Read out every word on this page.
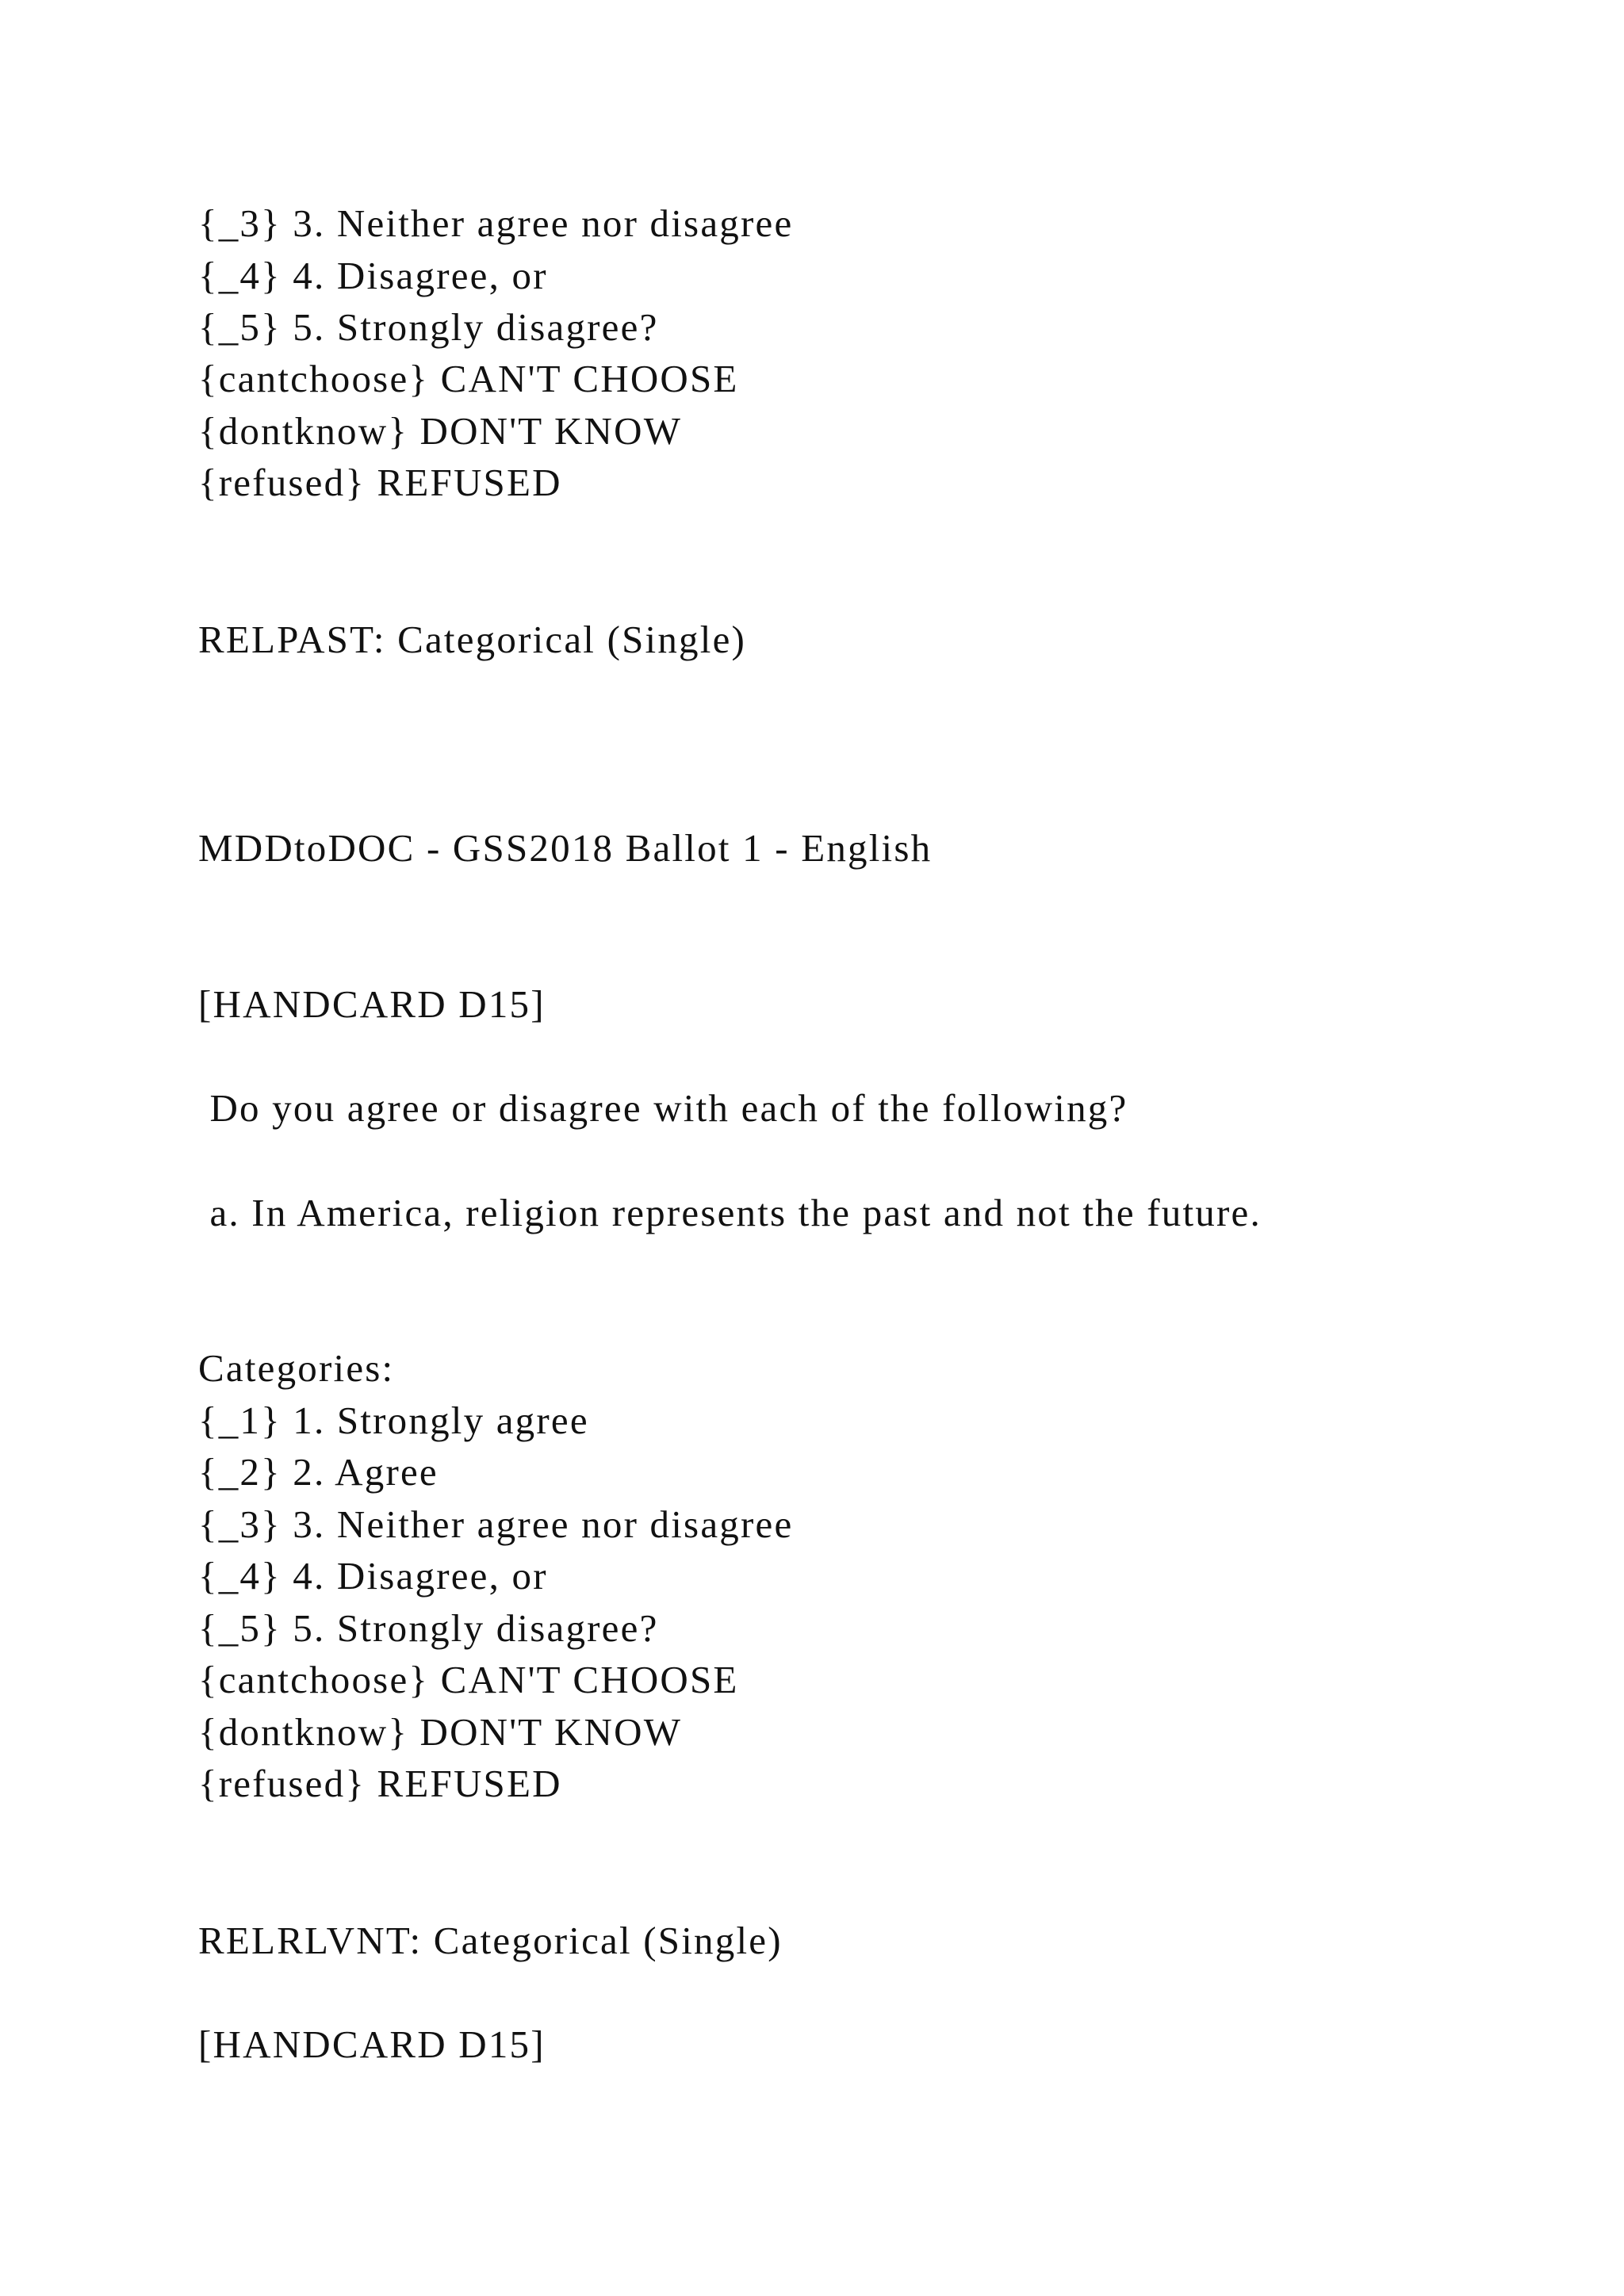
{_3} 3. Neither agree nor disagree
{_4} 4. Disagree, or
{_5} 5. Strongly disagree?
{cantchoose} CAN'T CHOOSE
{dontknow} DON'T KNOW
{refused} REFUSED
RELPAST: Categorical (Single)
MDDtoDOC - GSS2018 Ballot 1 - English
[HANDCARD D15]
Do you agree or disagree with each of the following?
a. In America, religion represents the past and not the future.
Categories:
{_1} 1. Strongly agree
{_2} 2. Agree
{_3} 3. Neither agree nor disagree
{_4} 4. Disagree, or
{_5} 5. Strongly disagree?
{cantchoose} CAN'T CHOOSE
{dontknow} DON'T KNOW
{refused} REFUSED
RELRLVNT: Categorical (Single)
[HANDCARD D15]
